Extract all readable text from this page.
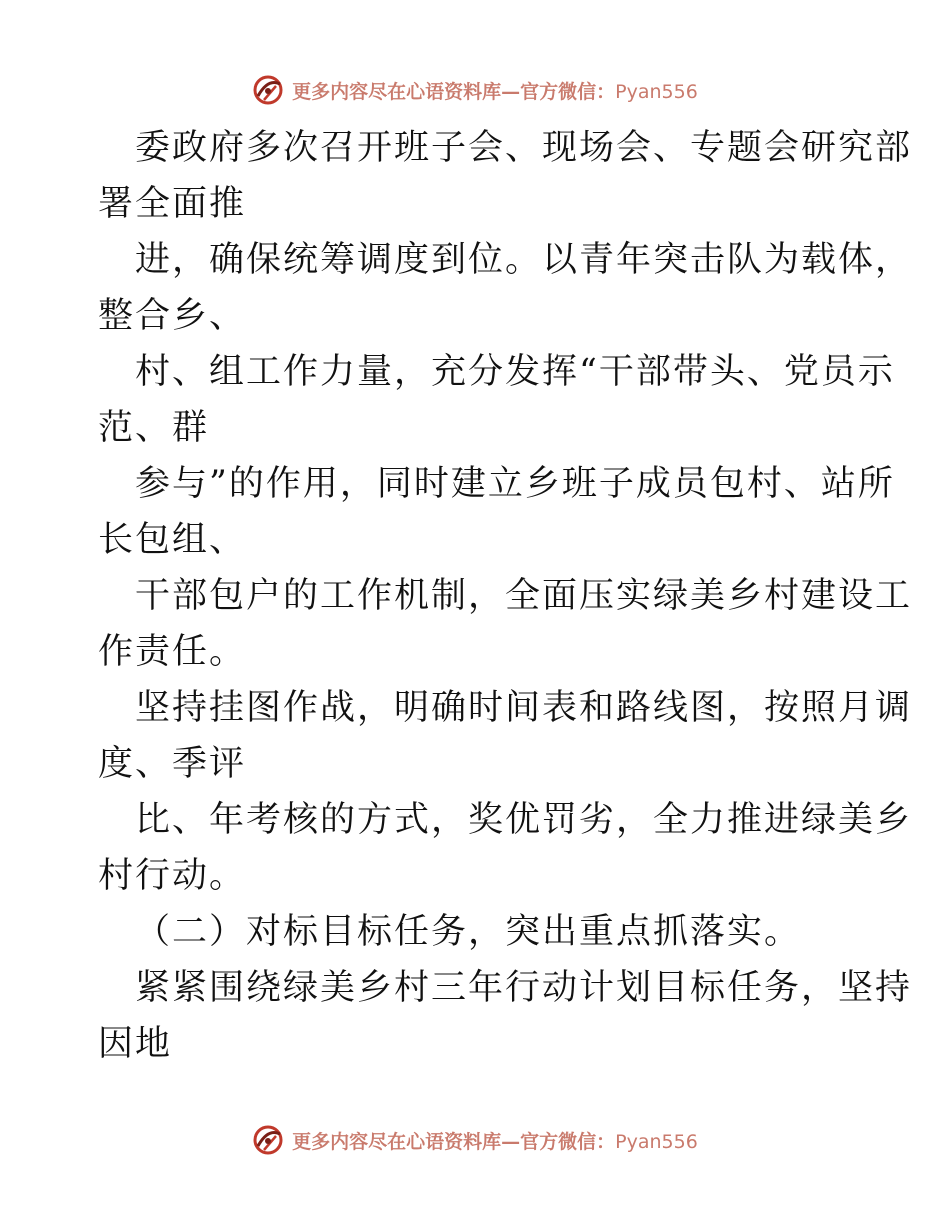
更多内容尽在心语资料库—官方微信：Pyan556
委政府多次召开班子会、现场会、专题会研究部
署全面推
进，确保统筹调度到位。以青年突击队为载体，
整合乡、
村、组工作力量，充分发挥“干部带头、党员示
范、群
参与”的作用，同时建立乡班子成员包村、站所
长包组、
干部包户的工作机制，全面压实绿美乡村建设工
作责任。
坚持挂图作战，明确时间表和路线图，按照月调
度、季评
比、年考核的方式，奖优罚劣，全力推进绿美乡
村行动。
（二）对标目标任务，突出重点抓落实。
紧紧围绕绿美乡村三年行动计划目标任务，坚持
因地
更多内容尽在心语资料库—官方微信：Pyan556
